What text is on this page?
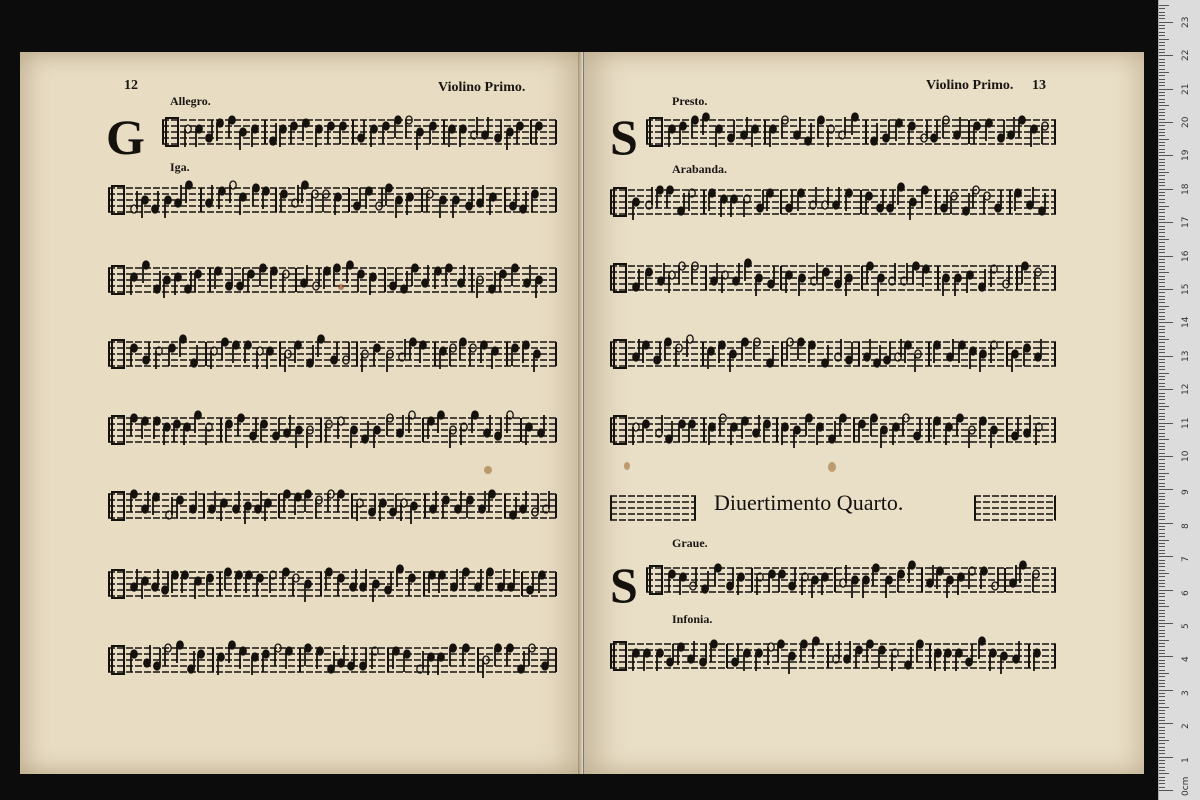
12	Violino Primo.
G
Allegro.
Iga.
Violino Primo. 13
S
Presto.
Arabanda.
Diuertimento Quarto.
Graue.
S
Infonia.
0cm
1
2
3
4
5
6
7
8
9
10
11
12
13
14
15
16
17
18
19
20
21
22
23
